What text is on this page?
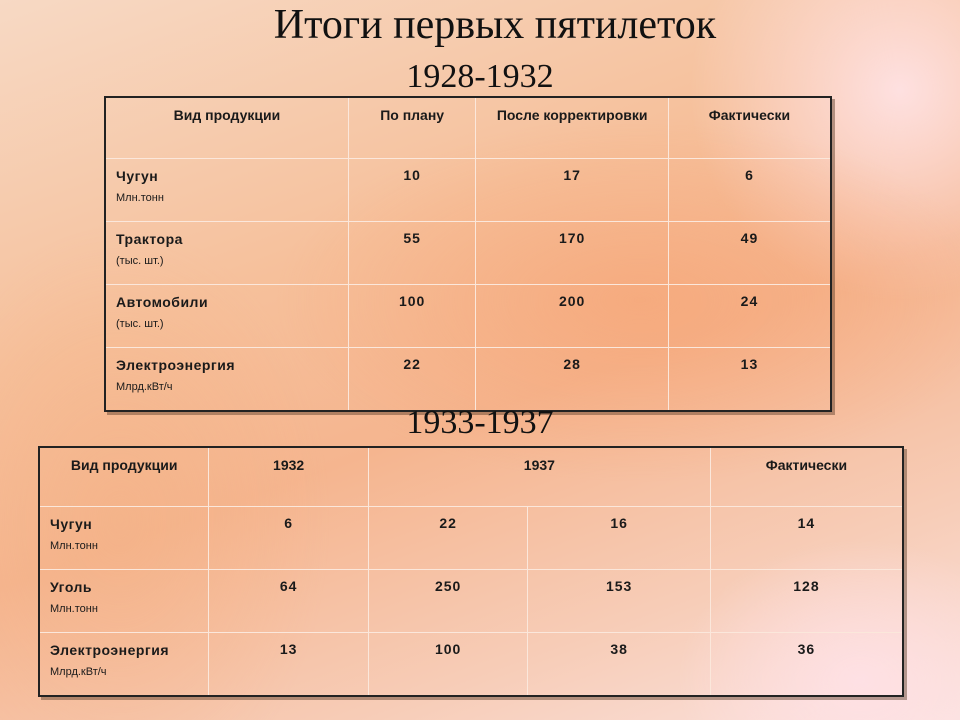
Итоги первых пятилеток
1928-1932
Вид продукции	По плану	После корректировки	Фактически

Чугун
Млн.тонн	10	17	6

Трактора
(тыс. шт.)	55	170	49

Автомобили
(тыс. шт.)	100	200	24

Электроэнергия
Млрд.кВт/ч	22	28	13
1933-1937
Вид продукции	1932	1937		Фактически

Чугун
Млн.тонн	6	22	16	14

Уголь
Млн.тонн	64	250	153	128

Электроэнергия
Млрд.кВт/ч	13	100	38	36
